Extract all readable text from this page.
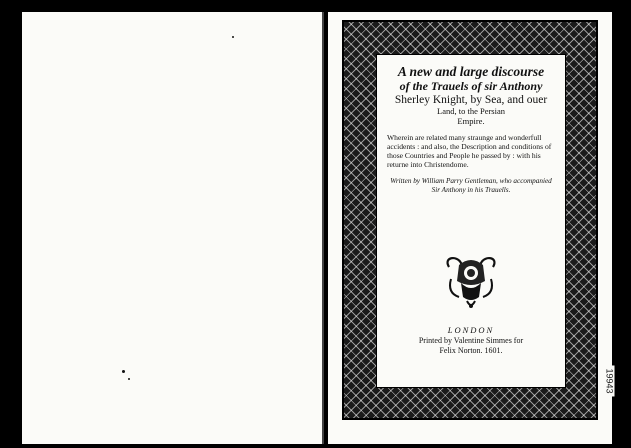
A new and large discourse
of the Trauels of sir Anthony
Sherley Knight, by Sea, and ouer
Land, to the Persian
Empire.
Wherein are related many straunge and wonderfull accidents : and also, the Description and conditions of those Countries and People he passed by : with his returne into Christendome.
Written by William Parry Gentleman, who accompanied Sir Anthony in his Trauells.
LONDON
Printed by Valentine Simmes for
Felix Norton. 1601.
19943
